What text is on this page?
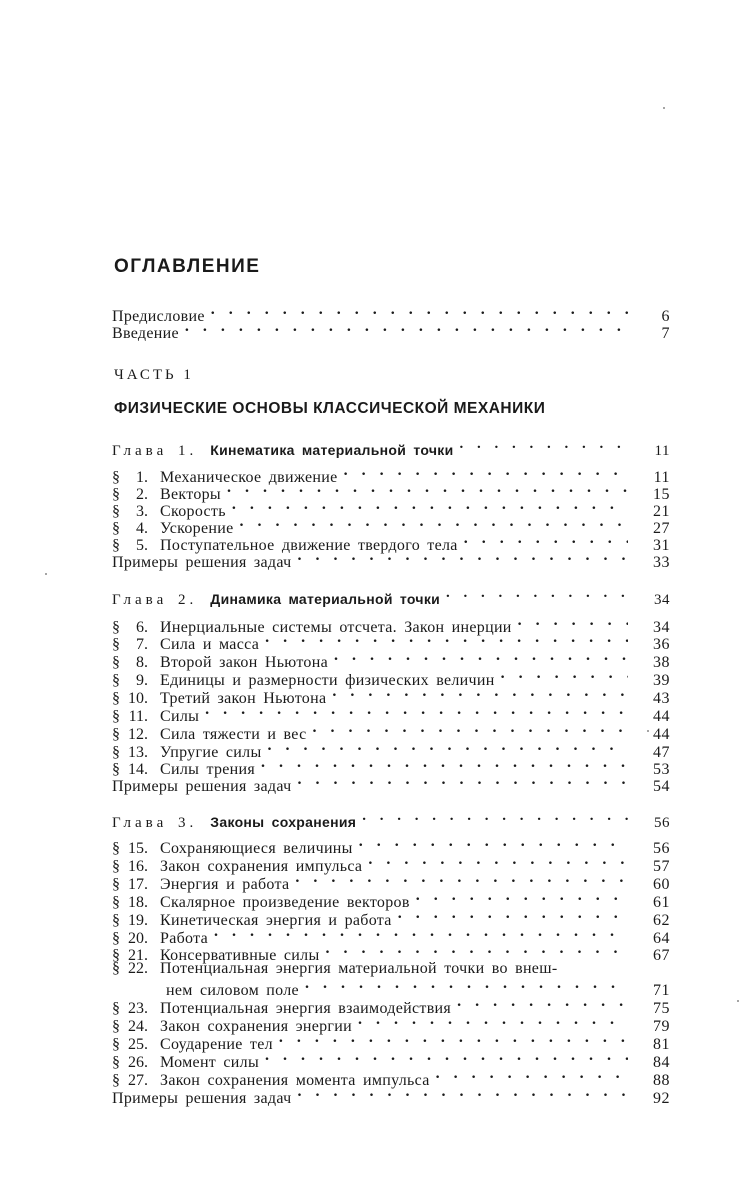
ОГЛАВЛЕНИЕ
Предисловие . . .	6
Введение . . .	7
ЧАСТЬ 1
ФИЗИЧЕСКИЕ ОСНОВЫ КЛАССИЧЕСКОЙ МЕХАНИКИ
Глава 1. Кинематика материальной точки . . .	11
§ 1. Механическое движение . . .	11
§ 2. Векторы . . .	15
§ 3. Скорость . . .	21
§ 4. Ускорение . . .	27
§ 5. Поступательное движение твердого тела . . .	31
Примеры решения задач . . .	33
Глава 2. Динамика материальной точки . . .	34
§ 6. Инерциальные системы отсчета. Закон инерции . . .	34
§ 7. Сила и масса . . .	36
§ 8. Второй закон Ньютона . . .	38
§ 9. Единицы и размерности физических величин . . .	39
§ 10. Третий закон Ньютона . . .	43
§ 11. Силы . . .	44
§ 12. Сила тяжести и вес . . .	44
§ 13. Упругие силы . . .	47
§ 14. Силы трения . . .	53
Примеры решения задач . . .	54
Глава 3. Законы сохранения . . .	56
§ 15. Сохраняющиеся величины . . .	56
§ 16. Закон сохранения импульса . . .	57
§ 17. Энергия и работа . . .	60
§ 18. Скалярное произведение векторов . . .	61
§ 19. Кинетическая энергия и работа . . .	62
§ 20. Работа . . .	64
§ 21. Консервативные силы . . .	67
§ 22. Потенциальная энергия материальной точки во внеш-
нем силовом поле . . .	71
§ 23. Потенциальная энергия взаимодействия . . .	75
§ 24. Закон сохранения энергии . . .	79
§ 25. Соударение тел . . .	81
§ 26. Момент силы . . .	84
§ 27. Закон сохранения момента импульса . . .	88
Примеры решения задач . . .	92
